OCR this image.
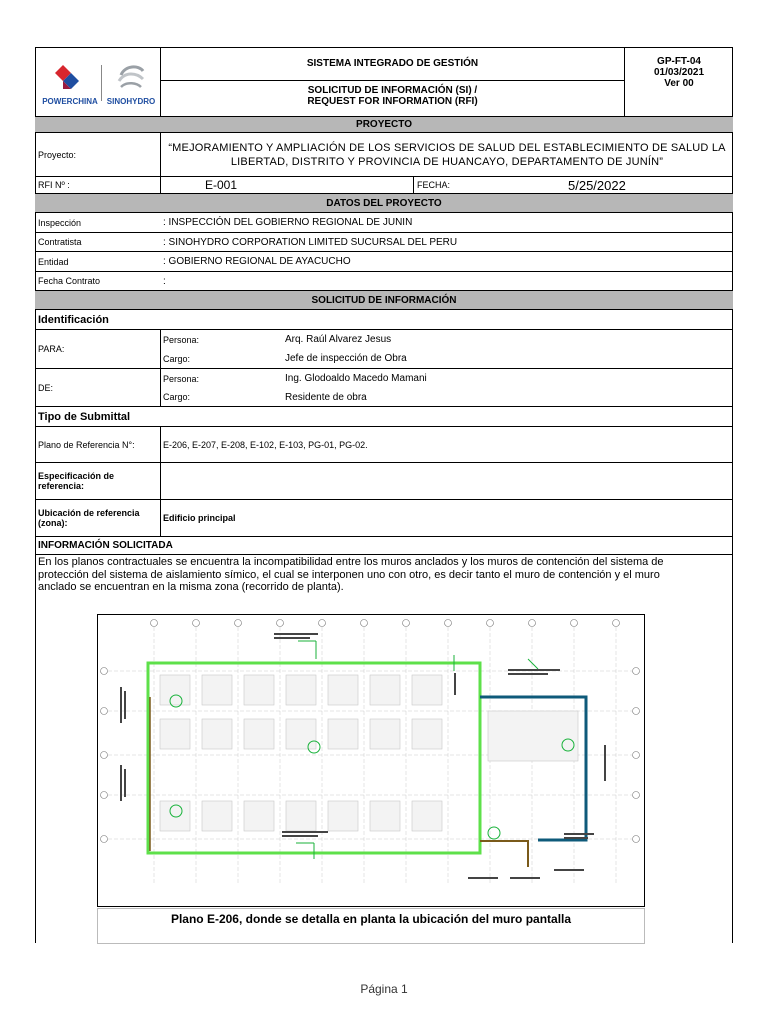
POWERCHINA	SINOHYDRO
SISTEMA INTEGRADO DE GESTIÓN
SOLICITUD DE INFORMACIÓN (SI) /
REQUEST FOR INFORMATION (RFI)
GP-FT-04
01/03/2021
Ver 00
PROYECTO
Proyecto:
“MEJORAMIENTO Y AMPLIACIÓN DE LOS SERVICIOS DE SALUD DEL ESTABLECIMIENTO DE SALUD LA
LIBERTAD, DISTRITO Y PROVINCIA DE HUANCAYO, DEPARTAMENTO DE JUNÍN”
RFI Nº :	E-001	FECHA:	5/25/2022
DATOS DEL PROYECTO
Inspección	: INSPECCIÓN DEL GOBIERNO REGIONAL DE JUNIN
Contratista	: SINOHYDRO CORPORATION LIMITED SUCURSAL DEL PERU
Entidad	: GOBIERNO REGIONAL DE AYACUCHO
Fecha Contrato	:
SOLICITUD DE INFORMACIÓN
Identificación
PARA:
Persona:	Arq. Raúl Alvarez Jesus
Cargo:	Jefe de inspección de Obra
DE:
Persona:	Ing. Glodoaldo Macedo Mamani
Cargo:	Residente de obra
Tipo de Submittal
Plano de Referencia N°:	E-206, E-207, E-208, E-102, E-103, PG-01, PG-02.
Especificación de
referencia:
Ubicación de referencia
(zona):	Edificio principal
INFORMACIÓN SOLICITADA
En los planos contractuales se encuentra la incompatibilidad entre los muros anclados y los muros de contención del sistema de
protección del sistema de aislamiento símico, el cual se interponen uno con otro, es decir tanto el muro de contención y el muro
anclado se encuentran en la misma zona (recorrido de planta).
Plano E-206, donde se detalla en planta la ubicación del muro pantalla
Página 1
